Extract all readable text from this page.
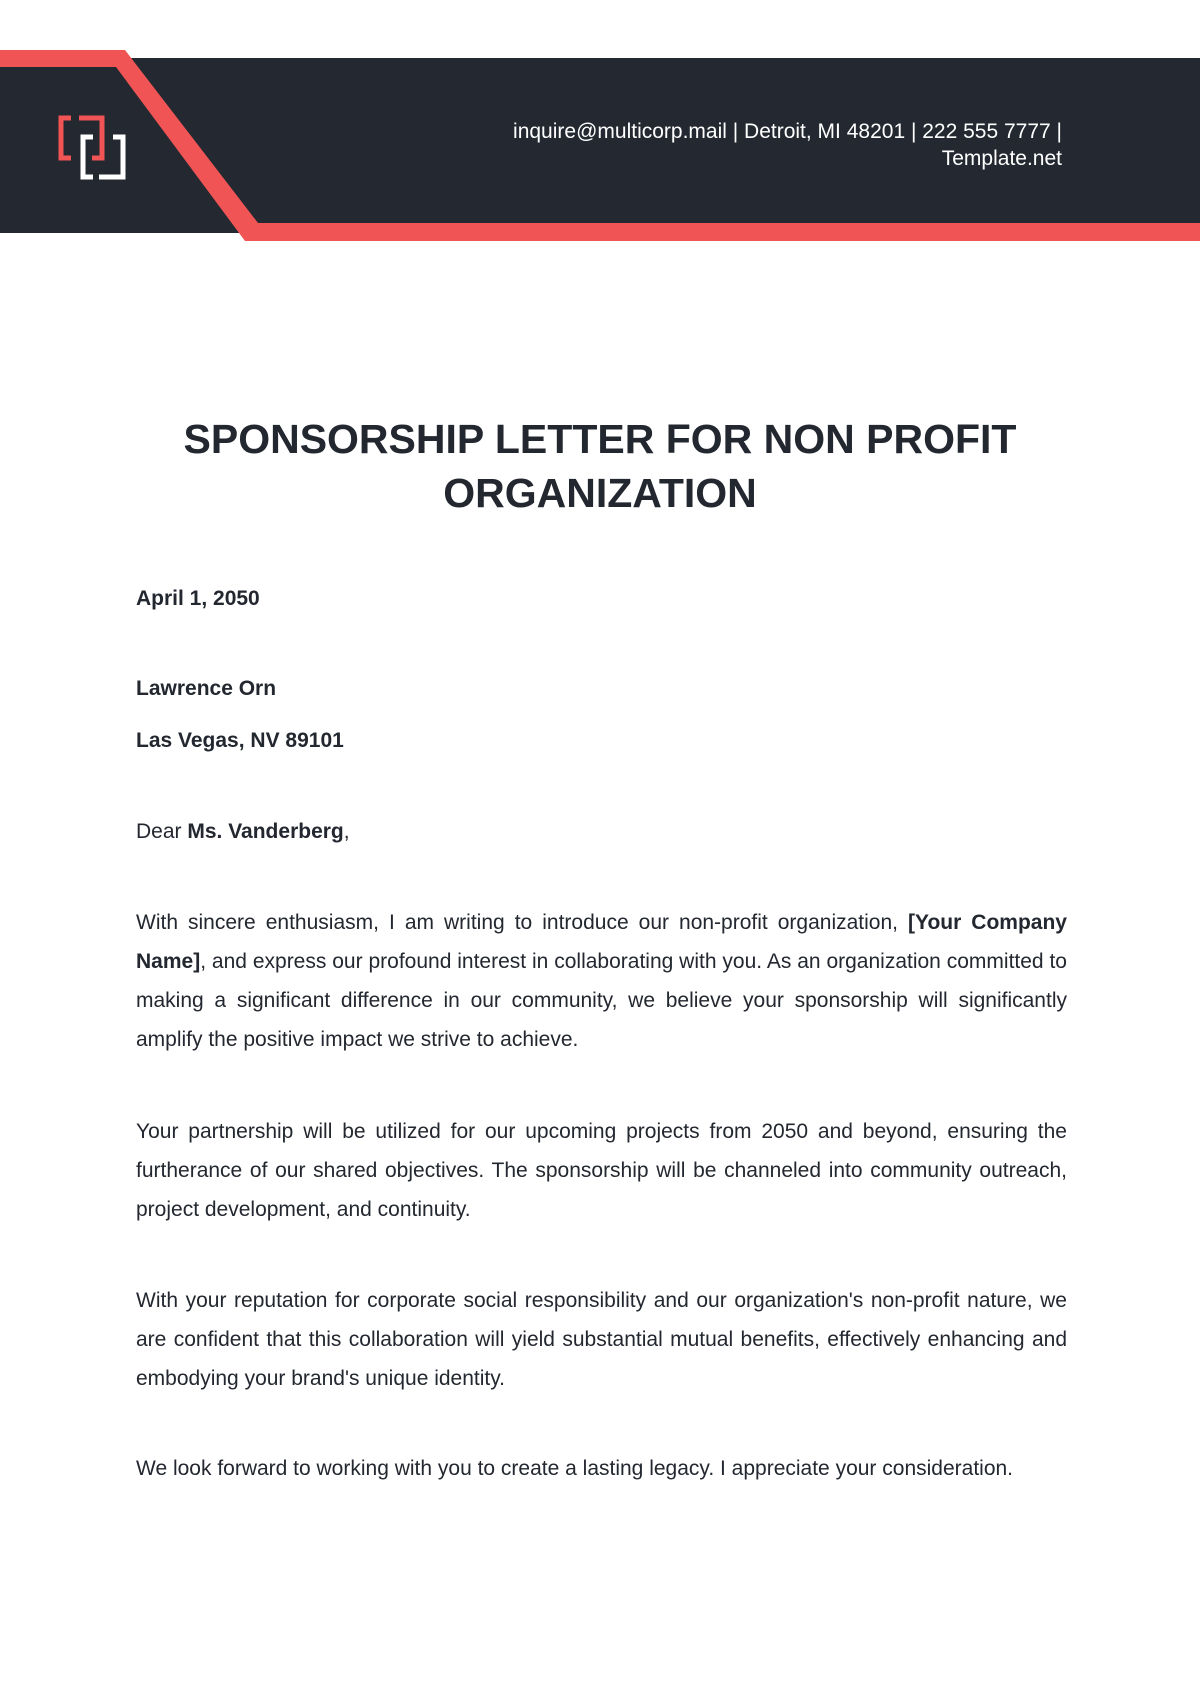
inquire@multicorp.mail | Detroit, MI 48201 | 222 555 7777 |
Template.net
SPONSORSHIP LETTER FOR NON PROFIT ORGANIZATION
April 1, 2050
Lawrence Orn
Las Vegas, NV 89101
Dear Ms. Vanderberg,

With sincere enthusiasm, I am writing to introduce our non-profit organization, [Your Company Name], and express our profound interest in collaborating with you. As an organization committed to making a significant difference in our community, we believe your sponsorship will significantly amplify the positive impact we strive to achieve.

Your partnership will be utilized for our upcoming projects from 2050 and beyond, ensuring the furtherance of our shared objectives. The sponsorship will be channeled into community outreach, project development, and continuity.

With your reputation for corporate social responsibility and our organization's non-profit nature, we are confident that this collaboration will yield substantial mutual benefits, effectively enhancing and embodying your brand's unique identity.

We look forward to working with you to create a lasting legacy. I appreciate your consideration.
